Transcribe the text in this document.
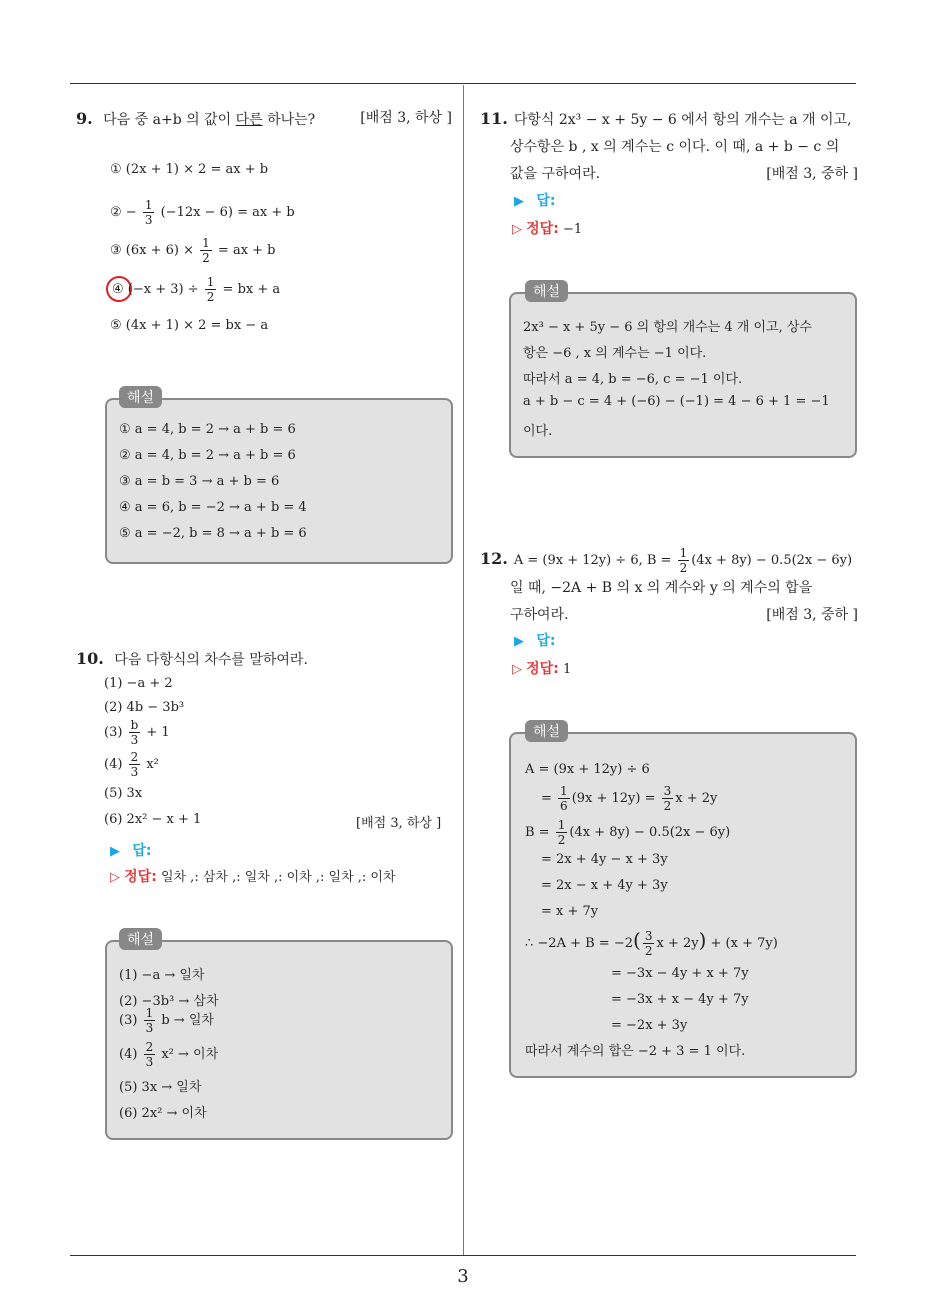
3
9. 다음 중 a+b 의 값이 다른 하나는?	[배점 3, 하상 ]
① (2x + 1) × 2 = ax + b
② − $\frac{1}{3} (-12x - 6)$ = ax + b
③ $(6x + 6) \times \frac{1}{2}$ = ax + b
④ $(-x + 3) \div \frac{1}{2}$ = bx + a
⑤ (4x + 1) × 2 = bx − a
해설
① a = 4, b = 2 → a + b = 6
② a = 4, b = 2 → a + b = 6
③ a = b = 3 → a + b = 6
④ a = 6, b = −2 → a + b = 4
⑤ a = −2, b = 8 → a + b = 6
10. 다음 다항식의 차수를 말하여라.
(1) −a + 2
(2) 4b − 3b³
$(3) \frac{b}{3} + 1$
$(4) \frac{2}{3} x^2$
(5) 3x
(6) 2x² − x + 1	[배점 3, 하상 ]
▶ 답:
▷ 정답: 일차 ,: 삼차 ,: 일차 ,: 이차 ,: 일차 ,: 이차
해설
(1) −a → 일차
(2) −3b³ → 삼차
$(3) \frac{1}{3}$ b → 일차
$(4) \frac{2}{3} x^2$ → 이차
(5) 3x → 일차
(6) 2x² → 이차
11. 다항식 2x³ − x + 5y − 6 에서 항의 개수는 a 개 이고,
상수항은 b , x 의 계수는 c 이다. 이 때, a + b − c 의
값을 구하여라.	[배점 3, 중하 ]
▶ 답:
▷ 정답: −1
해설
2x³ − x + 5y − 6 의 항의 개수는 4 개 이고, 상수
항은 −6 , x 의 계수는 −1 이다.
따라서 a = 4, b = −6, c = −1 이다.
a + b − c = 4 + (−6) − (−1) = 4 − 6 + 1 = −1
이다.
12. A = (9x + 12y) ÷ 6, $B = \frac{1}{2} (4x + 8y) - 0.5(2x - 6y)$
일 때, −2A + B 의 x 의 계수와 y 의 계수의 합을
구하여라.	[배점 3, 중하 ]
▶ 답:
▷ 정답: 1
해설
A = (9x + 12y) ÷ 6
= $\frac{1}{6} (9x + 12y) = \frac{3}{2}$ x + 2y
$B = \frac{1}{2} (4x + 8y) - 0.5(2x - 6y)$
= 2x + 4y − x + 3y
= 2x − x + 4y + 3y
= x + 7y
∴ $-2A + B = -2( \frac{3}{2}$ x + 2y) + (x + 7y)
= −3x − 4y + x + 7y
= −3x + x − 4y + 7y
= −2x + 3y
따라서 계수의 합은 −2 + 3 = 1 이다.
